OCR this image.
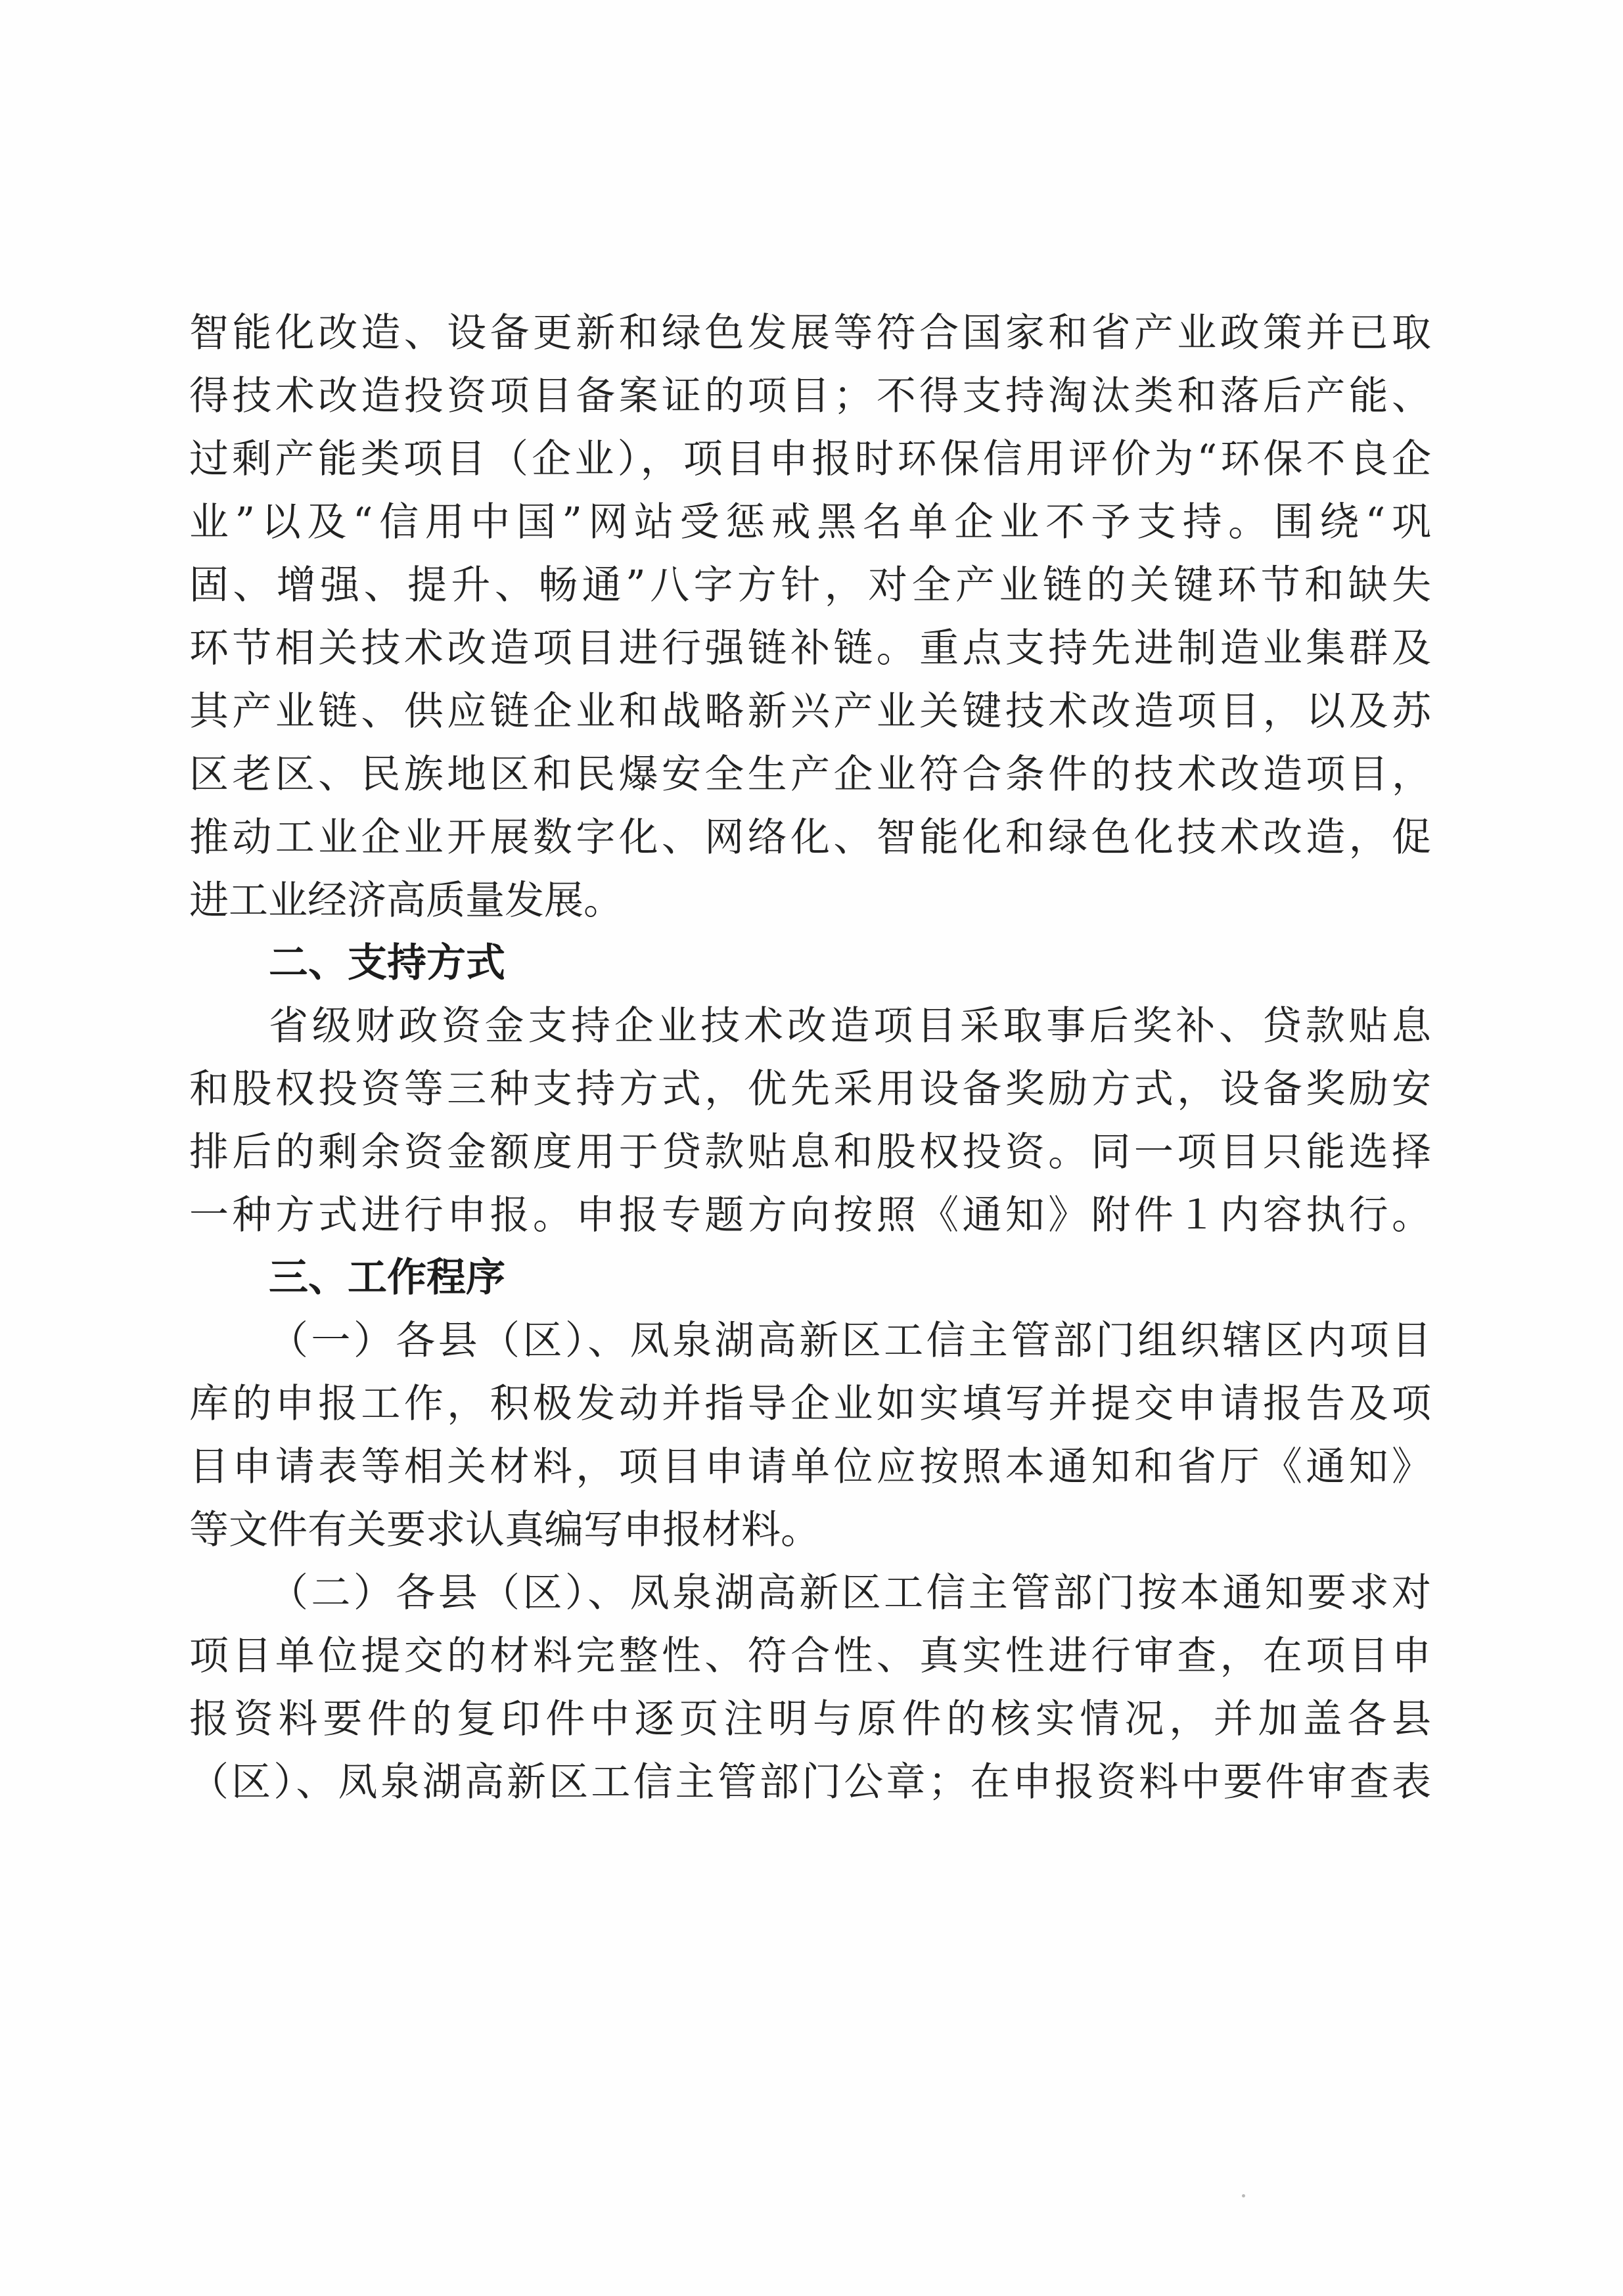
智能化改造、设备更新和绿色发展等符合国家和省产业政策并已取

得技术改造投资项目备案证的项目；不得支持淘汰类和落后产能、

过剩产能类项目（企业），项目申报时环保信用评价为“环保不良企

业”以及“信用中国”网站受惩戒黑名单企业不予支持。围绕“巩

固、增强、提升、畅通”八字方针，对全产业链的关键环节和缺失

环节相关技术改造项目进行强链补链。重点支持先进制造业集群及

其产业链、供应链企业和战略新兴产业关键技术改造项目，以及苏

区老区、民族地区和民爆安全生产企业符合条件的技术改造项目，

推动工业企业开展数字化、网络化、智能化和绿色化技术改造，促

进工业经济高质量发展。

二、支持方式

省级财政资金支持企业技术改造项目采取事后奖补、贷款贴息

和股权投资等三种支持方式，优先采用设备奖励方式，设备奖励安

排后的剩余资金额度用于贷款贴息和股权投资。同一项目只能选择

一种方式进行申报。申报专题方向按照《通知》附件１内容执行。

三、工作程序

（一）各县（区）、凤泉湖高新区工信主管部门组织辖区内项目

库的申报工作，积极发动并指导企业如实填写并提交申请报告及项

目申请表等相关材料，项目申请单位应按照本通知和省厅《通知》

等文件有关要求认真编写申报材料。

（二）各县（区）、凤泉湖高新区工信主管部门按本通知要求对

项目单位提交的材料完整性、符合性、真实性进行审查，在项目申

报资料要件的复印件中逐页注明与原件的核实情况，并加盖各县

（区）、凤泉湖高新区工信主管部门公章；在申报资料中要件审查表
